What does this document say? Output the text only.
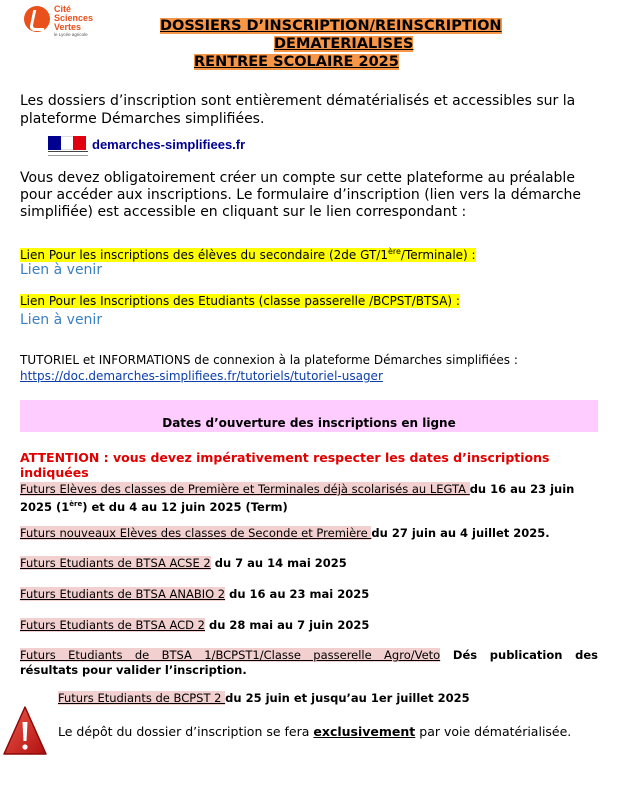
Cité
Sciences
Vertes
le Lycée agricole
DOSSIERS D’INSCRIPTION/REINSCRIPTION
DEMATERIALISES
RENTREE SCOLAIRE 2025
Les dossiers d’inscription sont entièrement dématérialisés et accessibles sur la plateforme Démarches simplifiées.
demarches-simplifiees.fr
Vous devez obligatoirement créer un compte sur cette plateforme au préalable pour accéder aux inscriptions. Le formulaire d’inscription (lien vers la démarche simplifiée) est accessible en cliquant sur le lien correspondant :
Lien Pour les inscriptions des élèves du secondaire (2de GT/1ère/Terminale) :
Lien à venir
Lien Pour les Inscriptions des Etudiants (classe passerelle /BCPST/BTSA) :
Lien à venir
TUTORIEL et INFORMATIONS de connexion à la plateforme Démarches simplifiées :
https://doc.demarches-simplifiees.fr/tutoriels/tutoriel-usager
Dates d’ouverture des inscriptions en ligne
ATTENTION : vous devez impérativement respecter les dates d’inscriptions indiquées
Futurs Elèves des classes de Première et Terminales déjà scolarisés au LEGTA du 16 au 23 juin 2025 (1ère) et du 4 au 12 juin 2025 (Term)
Futurs nouveaux Elèves des classes de Seconde et Première du 27 juin au 4 juillet 2025.
Futurs Etudiants de BTSA ACSE 2 du 7 au 14 mai 2025
Futurs Etudiants de BTSA ANABIO 2 du 16 au 23 mai 2025
Futurs Etudiants de BTSA ACD 2 du 28 mai au 7 juin 2025
Futurs Etudiants de BTSA 1/BCPST1/Classe passerelle Agro/Veto Dés publication des
résultats pour valider l’inscription.
Futurs Etudiants de BCPST 2 du 25 juin et jusqu’au 1er juillet 2025
Le dépôt du dossier d’inscription se fera exclusivement par voie dématérialisée.
